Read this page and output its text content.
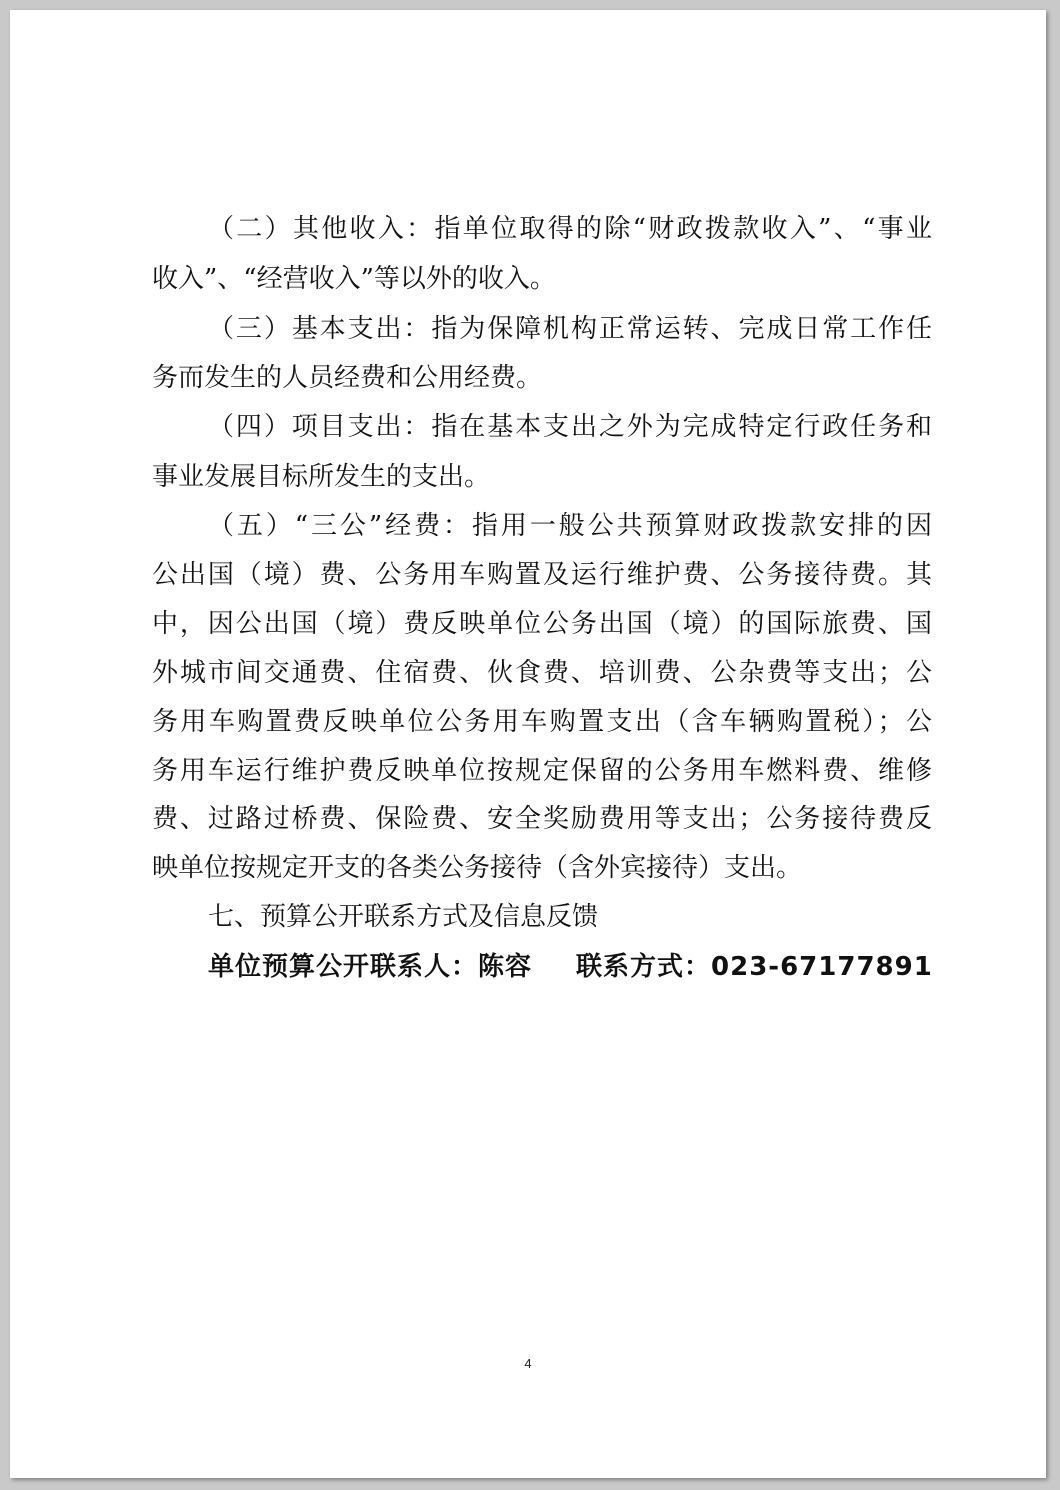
（二）其他收入：指单位取得的除“财政拨款收入”、“事业
收入”、“经营收入”等以外的收入。
（三）基本支出：指为保障机构正常运转、完成日常工作任
务而发生的人员经费和公用经费。
（四）项目支出：指在基本支出之外为完成特定行政任务和
事业发展目标所发生的支出。
（五）“三公”经费：指用一般公共预算财政拨款安排的因
公出国（境）费、公务用车购置及运行维护费、公务接待费。其
中，因公出国（境）费反映单位公务出国（境）的国际旅费、国
外城市间交通费、住宿费、伙食费、培训费、公杂费等支出；公
务用车购置费反映单位公务用车购置支出（含车辆购置税）；公
务用车运行维护费反映单位按规定保留的公务用车燃料费、维修
费、过路过桥费、保险费、安全奖励费用等支出；公务接待费反
映单位按规定开支的各类公务接待（含外宾接待）支出。
七、预算公开联系方式及信息反馈
单位预算公开联系人：陈容 联系方式：023-67177891
4
